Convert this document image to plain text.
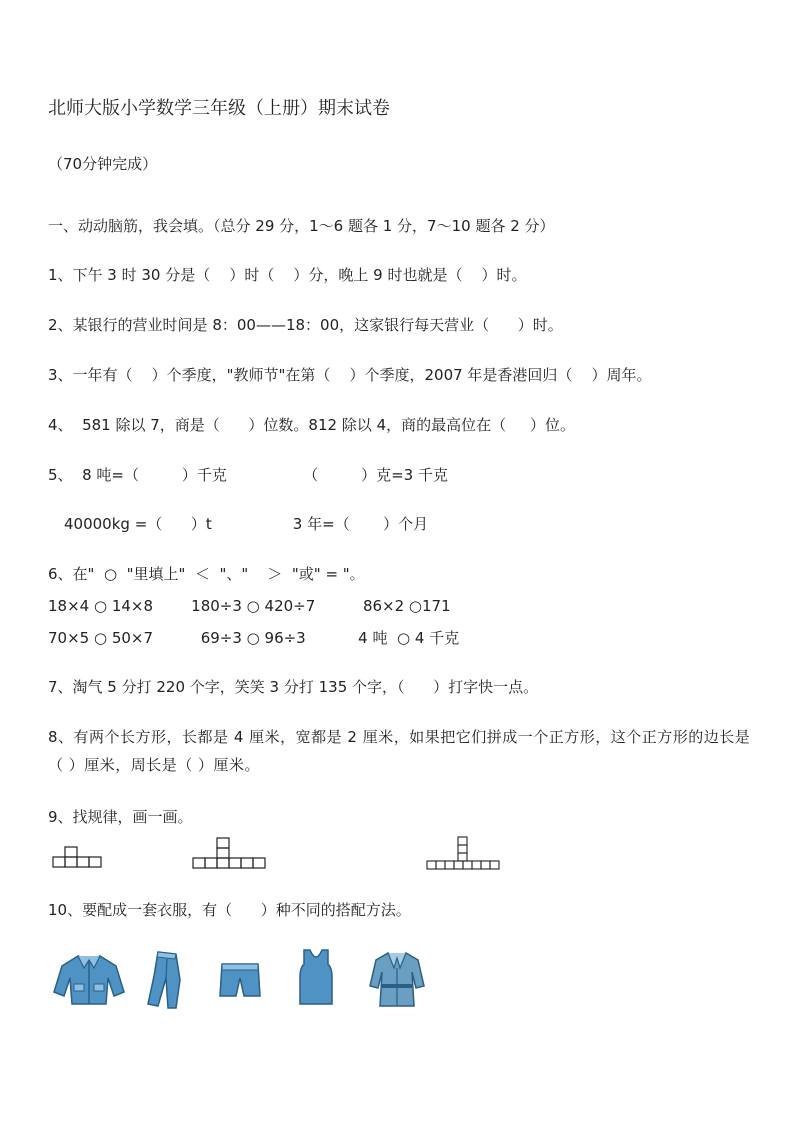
北师大版小学数学三年级（上册）期末试卷
（70分钟完成）
一、动动脑筋，我会填。（总分 29 分，1～6 题各 1 分，7～10 题各 2 分）
1、下午 3 时 30 分是（    ）时（    ）分，晚上 9 时也就是（    ）时。
2、某银行的营业时间是 8：00——18：00，这家银行每天营业（      ）时。
3、一年有（    ）个季度，"教师节"在第（    ）个季度，2007 年是香港回归（    ）周年。
4、  581 除以 7，商是（      ）位数。812 除以 4，商的最高位在（     ）位。
5、  8 吨=（         ）千克                （         ）克=3 千克
40000kg =（      ）t                 3 年=（       ）个月
6、在"  ○  "里填上"  ＜  "、"    ＞  "或" = "。
18×4 ○ 14×8        180÷3 ○ 420÷7          86×2 ○171
70×5 ○ 50×7          69÷3 ○ 96÷3           4 吨  ○ 4 千克
7、淘气 5 分打 220 个字，笑笑 3 分打 135 个字，（      ）打字快一点。
8、有两个长方形，长都是 4 厘米，宽都是 2 厘米，如果把它们拼成一个正方形，这个正方形的边长是（ ）厘米，周长是（ ）厘米。
9、找规律，画一画。
10、要配成一套衣服，有（      ）种不同的搭配方法。
